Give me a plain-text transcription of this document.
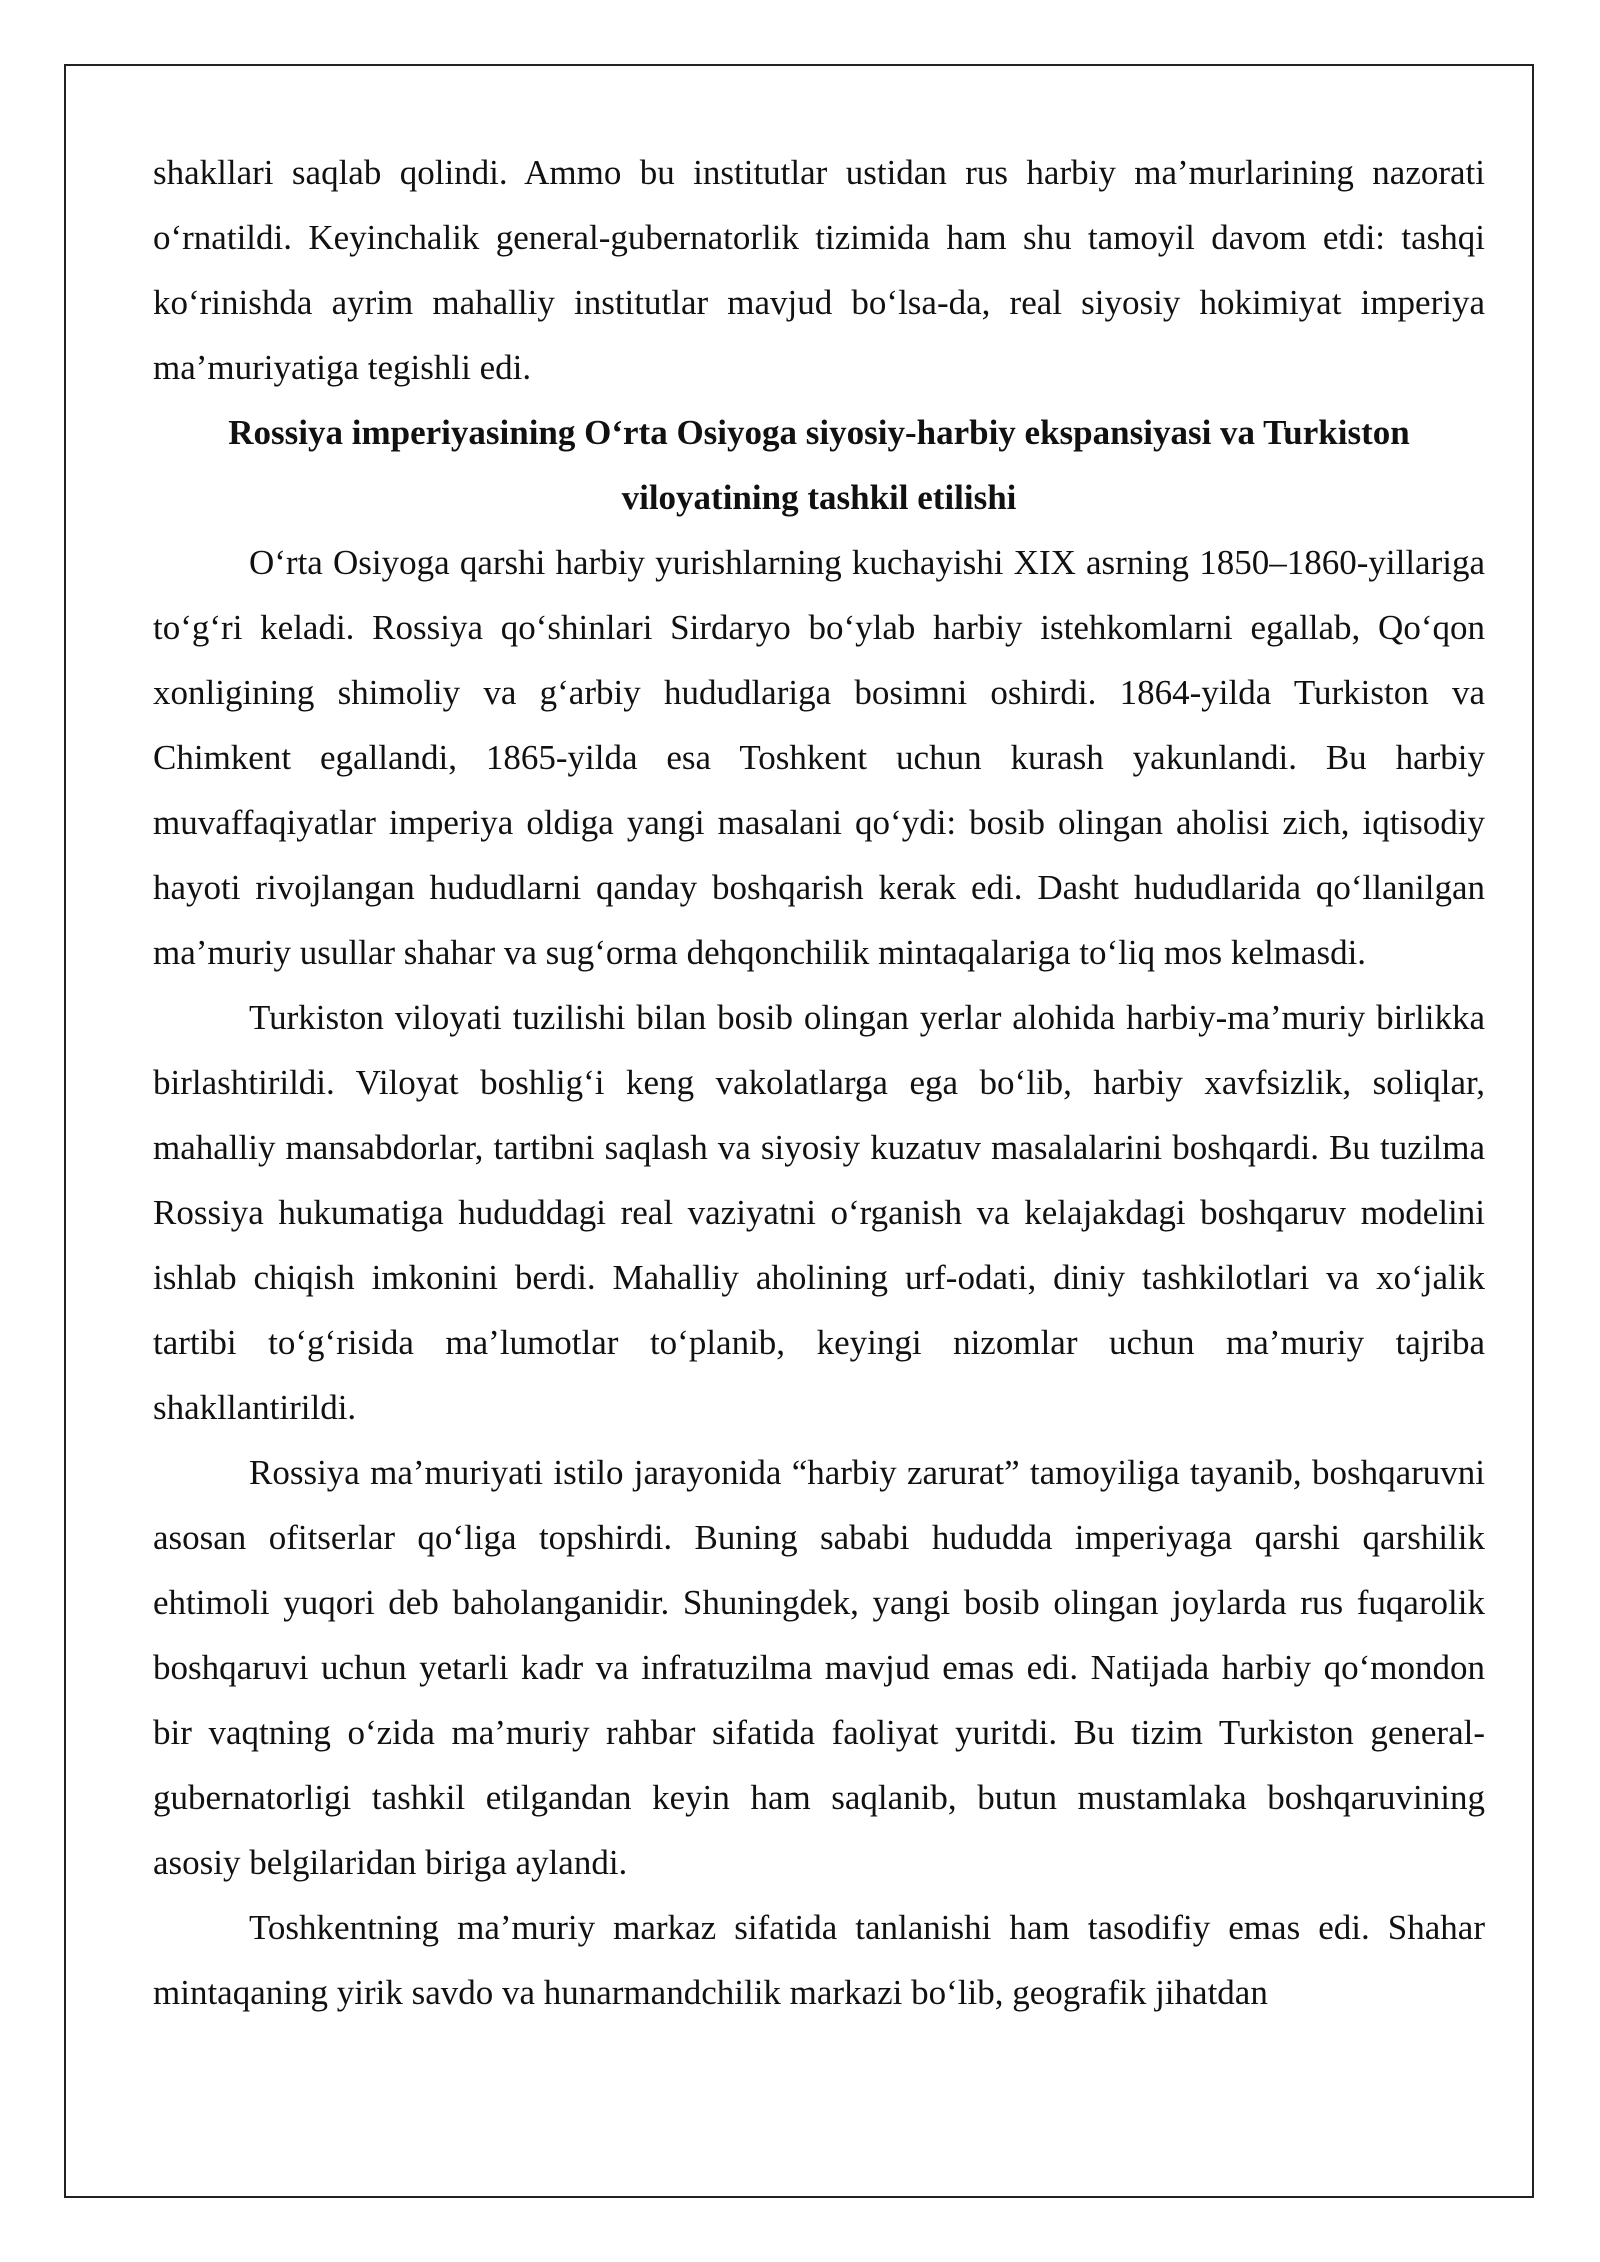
shakllari saqlab qolindi. Ammo bu institutlar ustidan rus harbiy ma’murlarining nazorati o‘rnatildi. Keyinchalik general-gubernatorlik tizimida ham shu tamoyil davom etdi: tashqi ko‘rinishda ayrim mahalliy institutlar mavjud bo‘lsa-da, real siyosiy hokimiyat imperiya ma’muriyatiga tegishli edi.

Rossiya imperiyasining O‘rta Osiyoga siyosiy-harbiy ekspansiyasi va Turkiston viloyatining tashkil etilishi

O‘rta Osiyoga qarshi harbiy yurishlarning kuchayishi XIX asrning 1850–1860-yillariga to‘g‘ri keladi. Rossiya qo‘shinlari Sirdaryo bo‘ylab harbiy istehkomlarni egallab, Qo‘qon xonligining shimoliy va g‘arbiy hududlariga bosimni oshirdi. 1864-yilda Turkiston va Chimkent egallandi, 1865-yilda esa Toshkent uchun kurash yakunlandi. Bu harbiy muvaffaqiyatlar imperiya oldiga yangi masalani qo‘ydi: bosib olingan aholisi zich, iqtisodiy hayoti rivojlangan hududlarni qanday boshqarish kerak edi. Dasht hududlarida qo‘llanilgan ma’muriy usullar shahar va sug‘orma dehqonchilik mintaqalariga to‘liq mos kelmasdi.

Turkiston viloyati tuzilishi bilan bosib olingan yerlar alohida harbiy-ma’muriy birlikka birlashtirildi. Viloyat boshlig‘i keng vakolatlarga ega bo‘lib, harbiy xavfsizlik, soliqlar, mahalliy mansabdorlar, tartibni saqlash va siyosiy kuzatuv masalalarini boshqardi. Bu tuzilma Rossiya hukumatiga hududdagi real vaziyatni o‘rganish va kelajakdagi boshqaruv modelini ishlab chiqish imkonini berdi. Mahalliy aholining urf-odati, diniy tashkilotlari va xo‘jalik tartibi to‘g‘risida ma’lumotlar to‘planib, keyingi nizomlar uchun ma’muriy tajriba shakllantirildi.

Rossiya ma’muriyati istilo jarayonida “harbiy zarurat” tamoyiliga tayanib, boshqaruvni asosan ofitserlar qo‘liga topshirdi. Buning sababi hududda imperiyaga qarshi qarshilik ehtimoli yuqori deb baholanganidir. Shuningdek, yangi bosib olingan joylarda rus fuqarolik boshqaruvi uchun yetarli kadr va infratuzilma mavjud emas edi. Natijada harbiy qo‘mondon bir vaqtning o‘zida ma’muriy rahbar sifatida faoliyat yuritdi. Bu tizim Turkiston general-gubernatorligi tashkil etilgandan keyin ham saqlanib, butun mustamlaka boshqaruvining asosiy belgilaridan biriga aylandi.

Toshkentning ma’muriy markaz sifatida tanlanishi ham tasodifiy emas edi. Shahar mintaqaning yirik savdo va hunarmandchilik markazi bo‘lib, geografik jihatdan
